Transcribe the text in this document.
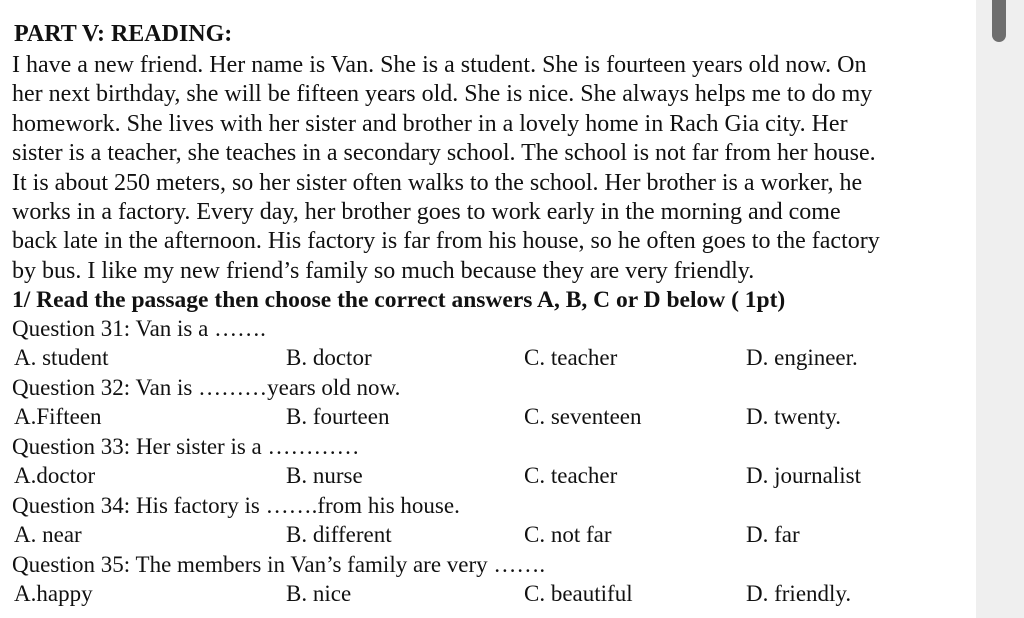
PART V: READING:
I have a new friend. Her name is Van. She is a student. She is fourteen years old now. On
her next birthday, she will be fifteen years old. She is nice. She always helps me to do my
homework. She lives with her sister and brother in a lovely home in Rach Gia city. Her
sister is a teacher, she teaches in a secondary school. The school is not far from her house.
It is about 250 meters, so her sister often walks to the school. Her brother is a worker, he
works in a factory. Every day, her brother goes to work early in the morning and come
back late in the afternoon. His factory is far from his house, so he often goes to the factory
by bus. I like my new friend’s family so much because they are very friendly.
1/ Read the passage then choose the correct answers A, B, C or D below ( 1pt)
Question 31: Van is a …….
A. student	B. doctor	C. teacher	D. engineer.
Question 32: Van is ………years old now.
A.Fifteen	B. fourteen	C. seventeen	D. twenty.
Question 33: Her sister is a …………
A.doctor	B. nurse	C. teacher	D. journalist
Question 34: His factory is …….from his house.
A. near	B. different	C. not far	D. far
Question 35: The members in Van’s family are very …….
A.happy	B. nice	C. beautiful	D. friendly.
